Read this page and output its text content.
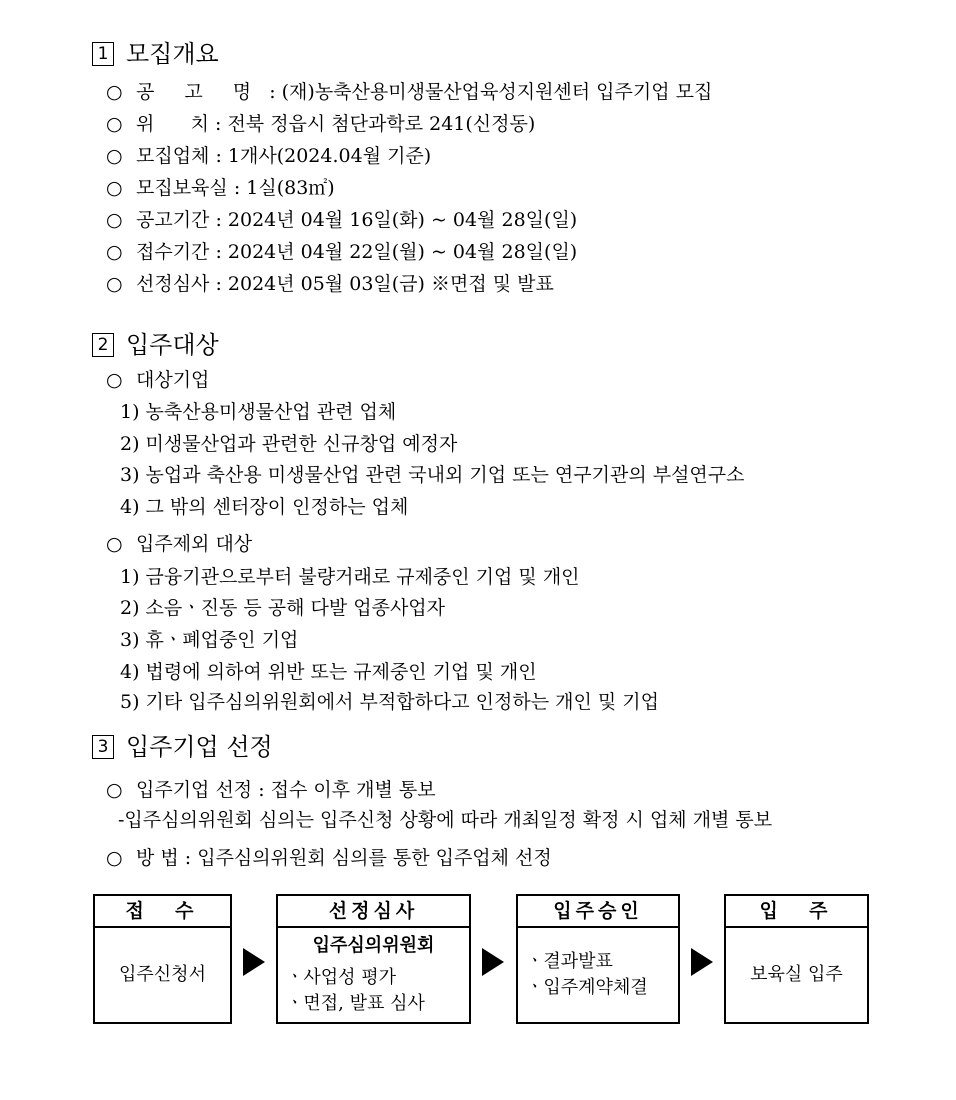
1 모집개요
○ 공 고 명 : (재)농축산용미생물산업육성지원센터 입주기업 모집
○ 위      치 : 전북 정읍시 첨단과학로 241(신정동)
○ 모집업체 : 1개사(2024.04월 기준)
○ 모집보육실 : 1실(83㎡)
○ 공고기간 : 2024년 04월 16일(화) ~ 04월 28일(일)
○ 접수기간 : 2024년 04월 22일(월) ~ 04월 28일(일)
○ 선정심사 : 2024년 05월 03일(금) ※면접 및 발표
2 입주대상
○ 대상기업
1) 농축산용미생물산업 관련 업체
2) 미생물산업과 관련한 신규창업 예정자
3) 농업과 축산용 미생물산업 관련 국내외 기업 또는 연구기관의 부설연구소
4) 그 밖의 센터장이 인정하는 업체
○ 입주제외 대상
1) 금융기관으로부터 불량거래로 규제중인 기업 및 개인
2) 소음ㆍ진동 등 공해 다발 업종사업자
3) 휴ㆍ폐업중인 기업
4) 법령에 의하여 위반 또는 규제중인 기업 및 개인
5) 기타 입주심의위원회에서 부적합하다고 인정하는 개인 및 기업
3 입주기업 선정
○ 입주기업 선정 : 접수 이후 개별 통보
-입주심의위원회 심의는 입주신청 상황에 따라 개최일정 확정 시 업체 개별 통보
○ 방 법 : 입주심의위원회 심의를 통한 입주업체 선정
접  수
입주신청서
선정심사
입주심의위원회
ㆍ사업성 평가
ㆍ면접, 발표 심사
입주승인
ㆍ결과발표
ㆍ입주계약체결
입  주
보육실 입주
